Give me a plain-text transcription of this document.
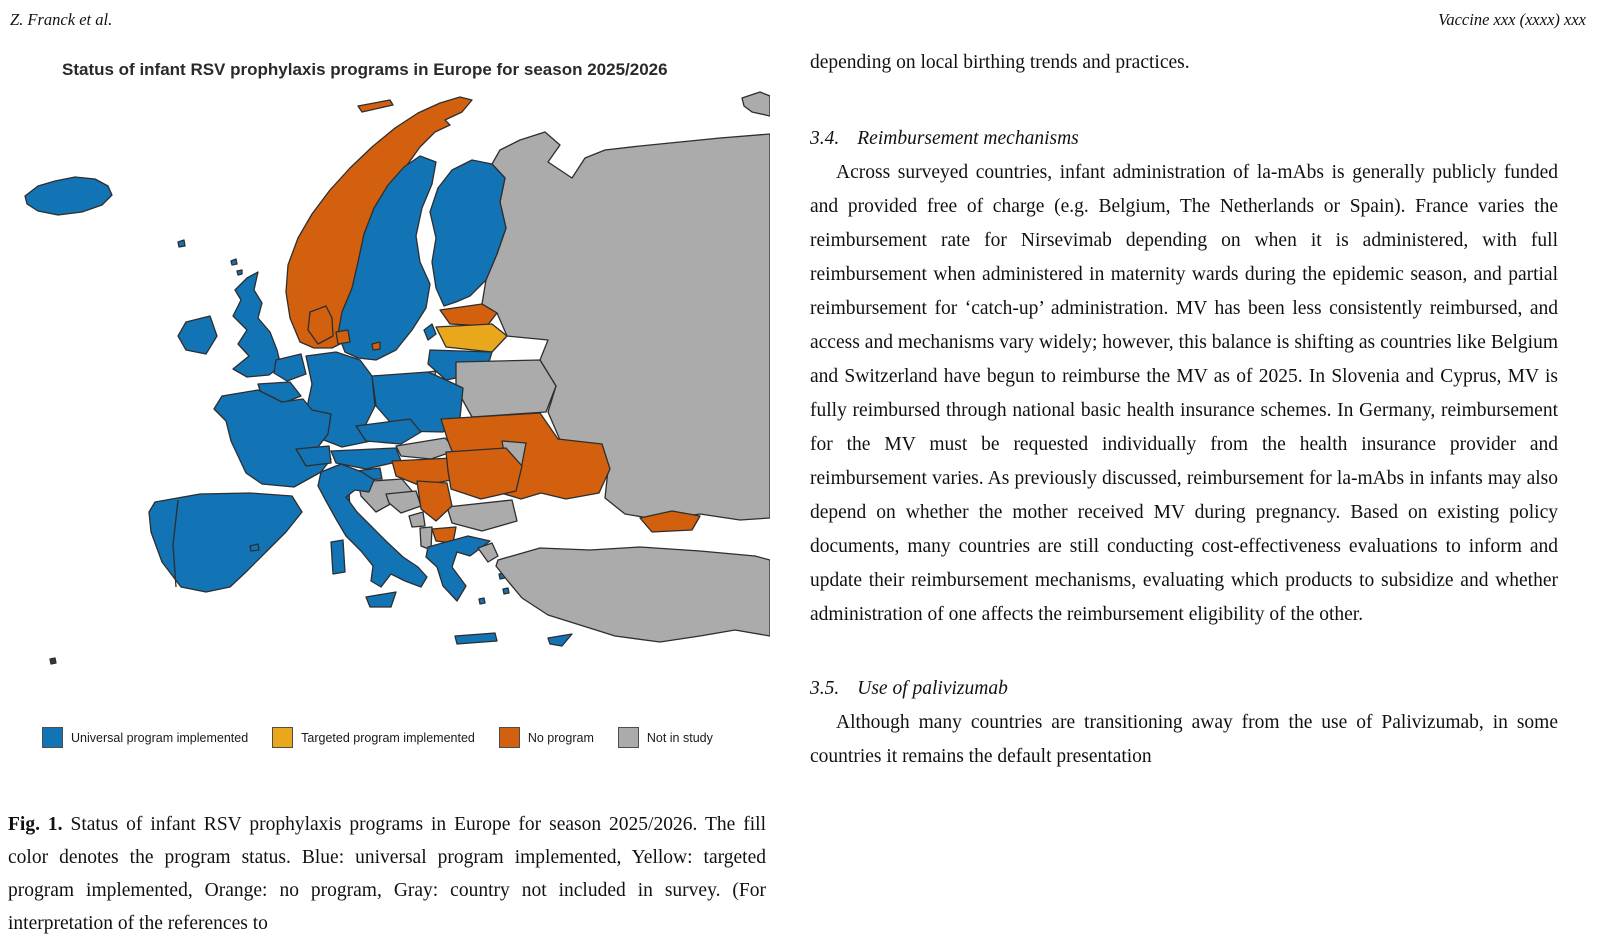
Z. Franck et al.	Vaccine xxx (xxxx) xxx
Status of infant RSV prophylaxis programs in Europe for season 2025/2026
Universal program implemented	Targeted program implemented	No program	Not in study

Fig. 1. Status of infant RSV prophylaxis programs in Europe for season 2025/2026. The fill color denotes the program status. Blue: universal program implemented, Yellow: targeted program implemented, Orange: no program, Gray: country not included in survey. (For interpretation of the references to

depending on local birthing trends and practices.

3.4. Reimbursement mechanisms

Across surveyed countries, infant administration of la-mAbs is generally publicly funded and provided free of charge (e.g. Belgium, The Netherlands or Spain). France varies the reimbursement rate for Nirsevimab depending on when it is administered, with full reimbursement when administered in maternity wards during the epidemic season, and partial reimbursement for ‘catch-up’ administration. MV has been less consistently reimbursed, and access and mechanisms vary widely; however, this balance is shifting as countries like Belgium and Switzerland have begun to reimburse the MV as of 2025. In Slovenia and Cyprus, MV is fully reimbursed through national basic health insurance schemes. In Germany, reimbursement for the MV must be requested individually from the health insurance provider and reimbursement varies. As previously discussed, reimbursement for la-mAbs in infants may also depend on whether the mother received MV during pregnancy. Based on existing policy documents, many countries are still conducting cost-effectiveness evaluations to inform and update their reimbursement mechanisms, evaluating which products to subsidize and whether administration of one affects the reimbursement eligibility of the other.

3.5. Use of palivizumab

Although many countries are transitioning away from the use of Palivizumab, in some countries it remains the default presentation
